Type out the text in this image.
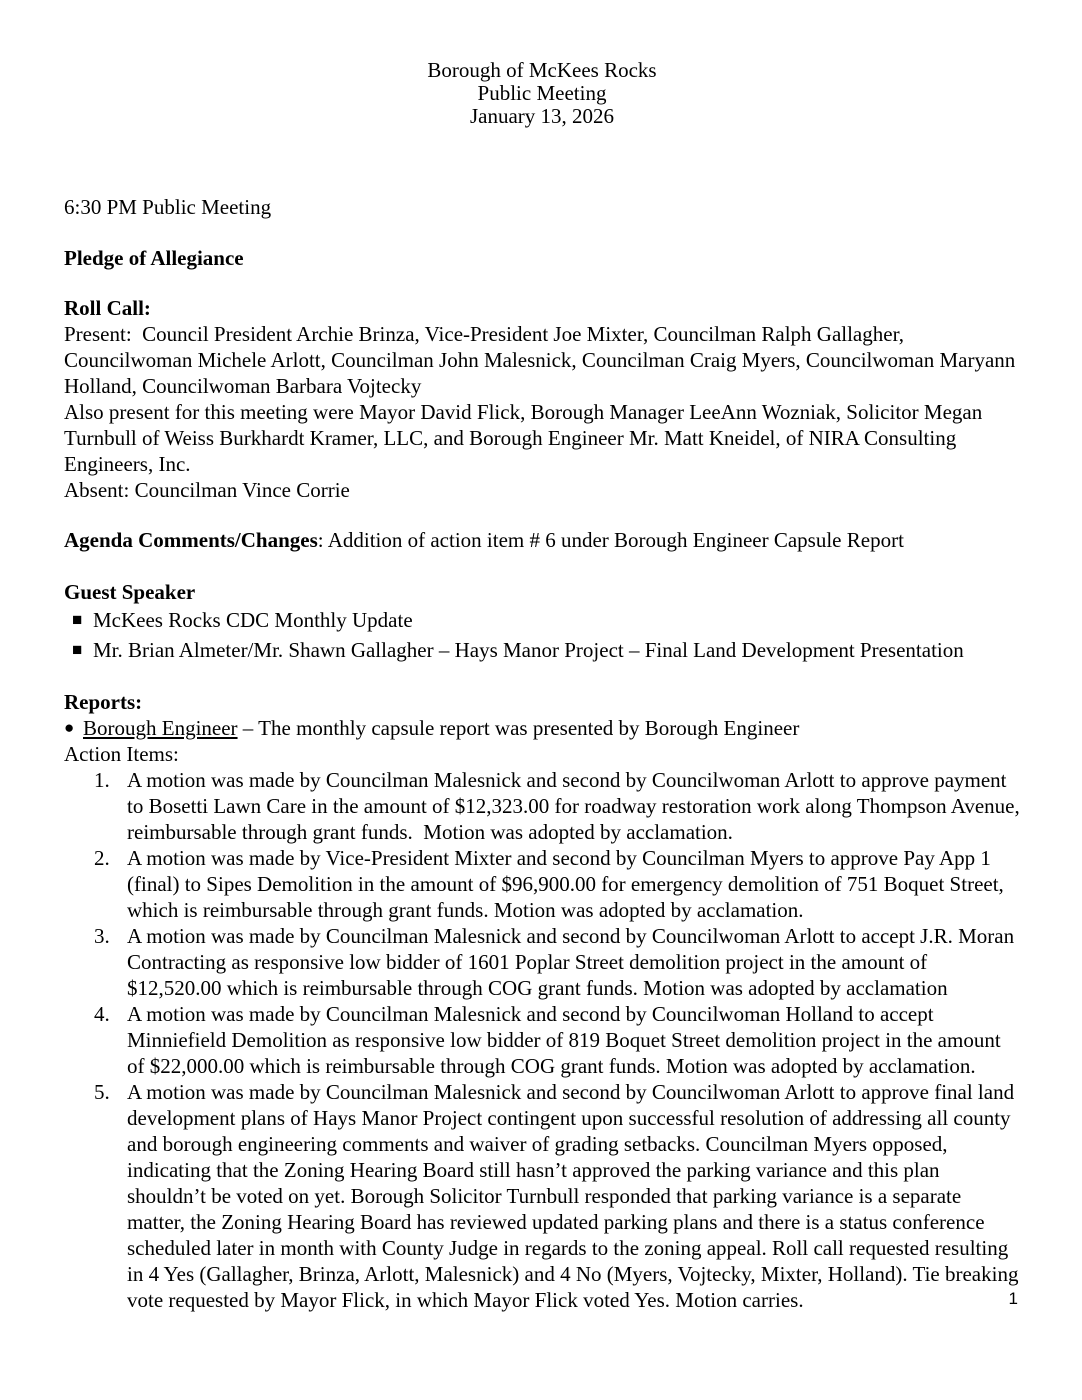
Borough of McKees Rocks
Public Meeting
January 13, 2026

6:30 PM Public Meeting

Pledge of Allegiance

Roll Call:

Present:  Council President Archie Brinza, Vice-President Joe Mixter, Councilman Ralph Gallagher, Councilwoman Michele Arlott, Councilman John Malesnick, Councilman Craig Myers, Councilwoman Maryann Holland, Councilwoman Barbara Vojtecky

Also present for this meeting were Mayor David Flick, Borough Manager LeeAnn Wozniak, Solicitor Megan Turnbull of Weiss Burkhardt Kramer, LLC, and Borough Engineer Mr. Matt Kneidel, of NIRA Consulting Engineers, Inc.

Absent: Councilman Vince Corrie

Agenda Comments/Changes: Addition of action item # 6 under Borough Engineer Capsule Report

Guest Speaker

■ McKees Rocks CDC Monthly Update
■ Mr. Brian Almeter/Mr. Shawn Gallagher – Hays Manor Project – Final Land Development Presentation

Reports:

● Borough Engineer – The monthly capsule report was presented by Borough Engineer

Action Items:

1. A motion was made by Councilman Malesnick and second by Councilwoman Arlott to approve payment to Bosetti Lawn Care in the amount of $12,323.00 for roadway restoration work along Thompson Avenue, reimbursable through grant funds.  Motion was adopted by acclamation.
2. A motion was made by Vice-President Mixter and second by Councilman Myers to approve Pay App 1 (final) to Sipes Demolition in the amount of $96,900.00 for emergency demolition of 751 Boquet Street, which is reimbursable through grant funds. Motion was adopted by acclamation.
3. A motion was made by Councilman Malesnick and second by Councilwoman Arlott to accept J.R. Moran Contracting as responsive low bidder of 1601 Poplar Street demolition project in the amount of $12,520.00 which is reimbursable through COG grant funds. Motion was adopted by acclamation
4. A motion was made by Councilman Malesnick and second by Councilwoman Holland to accept Minniefield Demolition as responsive low bidder of 819 Boquet Street demolition project in the amount of $22,000.00 which is reimbursable through COG grant funds. Motion was adopted by acclamation.
5. A motion was made by Councilman Malesnick and second by Councilwoman Arlott to approve final land development plans of Hays Manor Project contingent upon successful resolution of addressing all county and borough engineering comments and waiver of grading setbacks. Councilman Myers opposed, indicating that the Zoning Hearing Board still hasn’t approved the parking variance and this plan shouldn’t be voted on yet. Borough Solicitor Turnbull responded that parking variance is a separate matter, the Zoning Hearing Board has reviewed updated parking plans and there is a status conference scheduled later in month with County Judge in regards to the zoning appeal. Roll call requested resulting in 4 Yes (Gallagher, Brinza, Arlott, Malesnick) and 4 No (Myers, Vojtecky, Mixter, Holland). Tie breaking vote requested by Mayor Flick, in which Mayor Flick voted Yes. Motion carries.	1
